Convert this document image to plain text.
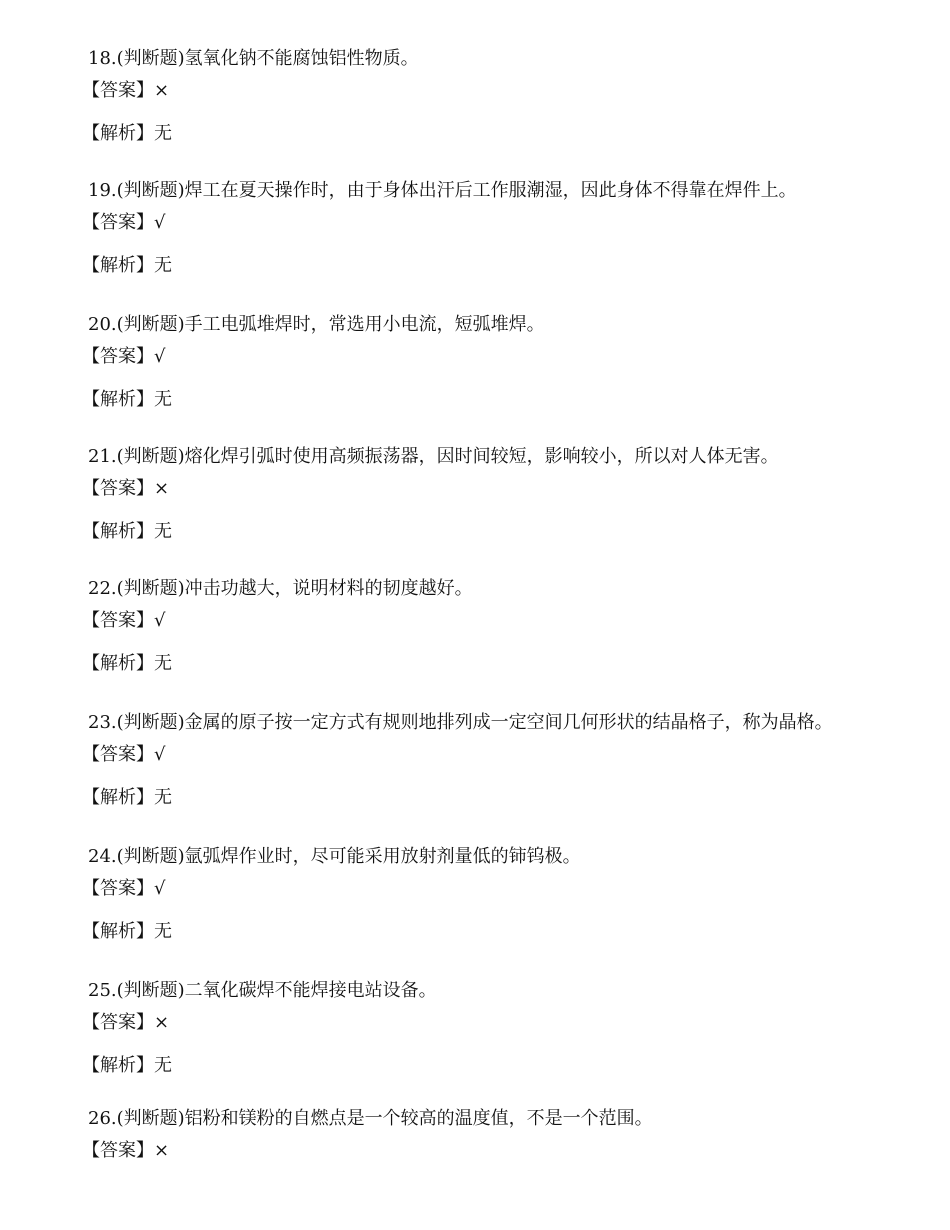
18.(判断题)氢氧化钠不能腐蚀铝性物质。
【答案】×
【解析】无
19.(判断题)焊工在夏天操作时，由于身体出汗后工作服潮湿，因此身体不得靠在焊件上。
【答案】√
【解析】无
20.(判断题)手工电弧堆焊时，常选用小电流，短弧堆焊。
【答案】√
【解析】无
21.(判断题)熔化焊引弧时使用高频振荡器，因时间较短，影响较小，所以对人体无害。
【答案】×
【解析】无
22.(判断题)冲击功越大，说明材料的韧度越好。
【答案】√
【解析】无
23.(判断题)金属的原子按一定方式有规则地排列成一定空间几何形状的结晶格子，称为晶格。
【答案】√
【解析】无
24.(判断题)氩弧焊作业时，尽可能采用放射剂量低的铈钨极。
【答案】√
【解析】无
25.(判断题)二氧化碳焊不能焊接电站设备。
【答案】×
【解析】无
26.(判断题)铝粉和镁粉的自燃点是一个较高的温度值，不是一个范围。
【答案】×
